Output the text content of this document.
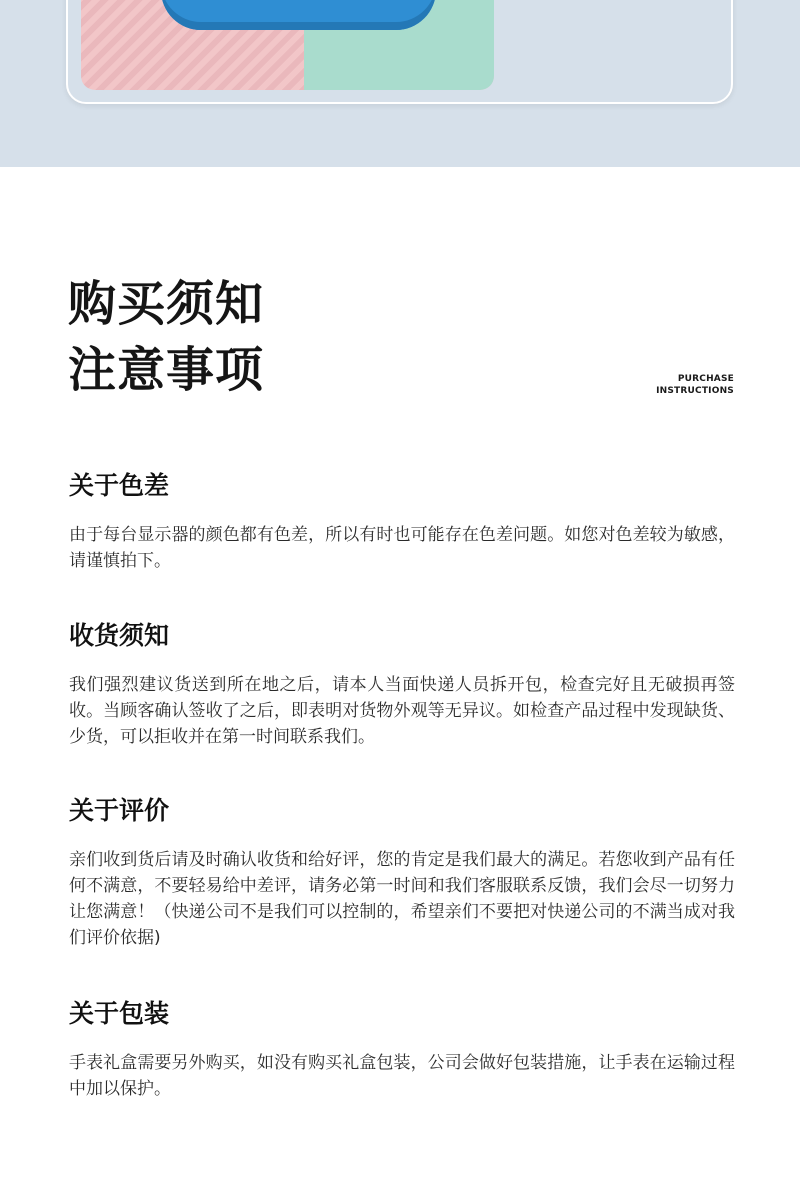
购买须知
注意事项	PURCHASE
INSTRUCTIONS
关于色差

由于每台显示器的颜色都有色差，所以有时也可能存在色差问题。如您对色差较为敏感，请谨慎拍下。

收货须知

我们强烈建议货送到所在地之后，请本人当面快递人员拆开包，检查完好且无破损再签收。当顾客确认签收了之后，即表明对货物外观等无异议。如检查产品过程中发现缺货、少货，可以拒收并在第一时间联系我们。

关于评价

亲们收到货后请及时确认收货和给好评，您的肯定是我们最大的满足。若您收到产品有任何不满意，不要轻易给中差评，请务必第一时间和我们客服联系反馈，我们会尽一切努力让您满意！（快递公司不是我们可以控制的，希望亲们不要把对快递公司的不满当成对我们评价依据)

关于包装

手表礼盒需要另外购买，如没有购买礼盒包装，公司会做好包装措施，让手表在运输过程中加以保护。
